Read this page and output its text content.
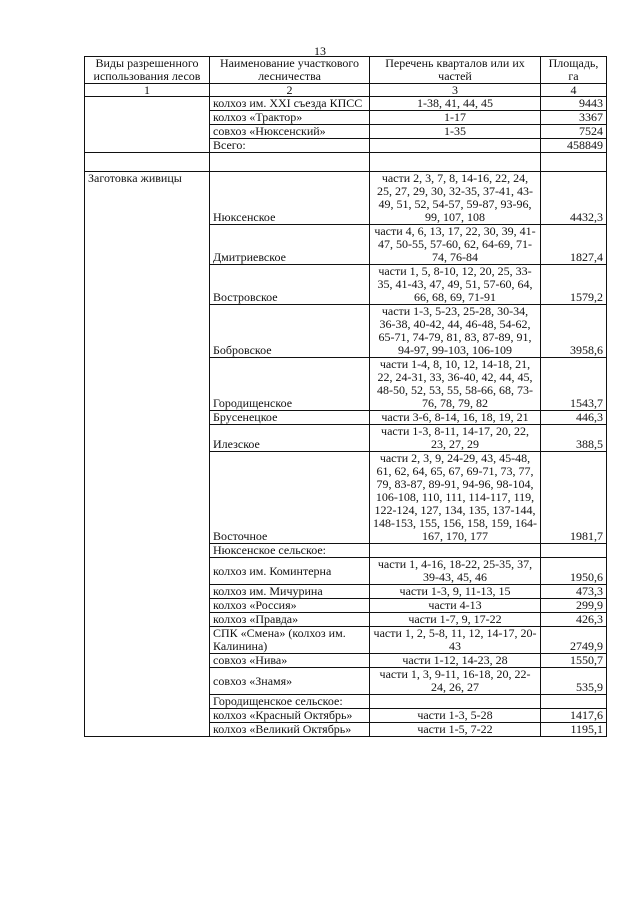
13
Виды разрешенного использования лесов	Наименование участкового лесничества	Перечень кварталов или их частей	Площадь, га
1	2	3	4
	колхоз им. XXI съезда КПСС	1-38, 41, 44, 45	9443
	колхоз «Трактор»	1-17	3367
	совхоз «Нюксенский»	1-35	7524
	Всего:		458849

Заготовка живицы	Нюксенское	части 2, 3, 7, 8, 14-16, 22, 24, 25, 27, 29, 30, 32-35, 37-41, 43-49, 51, 52, 54-57, 59-87, 93-96, 99, 107, 108	4432,3
	Дмитриевское	части 4, 6, 13, 17, 22, 30, 39, 41-47, 50-55, 57-60, 62, 64-69, 71-74, 76-84	1827,4
	Востровское	части 1, 5, 8-10, 12, 20, 25, 33-35, 41-43, 47, 49, 51, 57-60, 64, 66, 68, 69, 71-91	1579,2
	Бобровское	части 1-3, 5-23, 25-28, 30-34, 36-38, 40-42, 44, 46-48, 54-62, 65-71, 74-79, 81, 83, 87-89, 91, 94-97, 99-103, 106-109	3958,6
	Городищенское	части 1-4, 8, 10, 12, 14-18, 21, 22, 24-31, 33, 36-40, 42, 44, 45, 48-50, 52, 53, 55, 58-66, 68, 73-76, 78, 79, 82	1543,7
	Брусенецкое	части 3-6, 8-14, 16, 18, 19, 21	446,3
	Илезское	части 1-3, 8-11, 14-17, 20, 22, 23, 27, 29	388,5
	Восточное	части 2, 3, 9, 24-29, 43, 45-48, 61, 62, 64, 65, 67, 69-71, 73, 77, 79, 83-87, 89-91, 94-96, 98-104, 106-108, 110, 111, 114-117, 119, 122-124, 127, 134, 135, 137-144, 148-153, 155, 156, 158, 159, 164-167, 170, 177	1981,7
	Нюксенское сельское:		
	колхоз им. Коминтерна	части 1, 4-16, 18-22, 25-35, 37, 39-43, 45, 46	1950,6
	колхоз им. Мичурина	части 1-3, 9, 11-13, 15	473,3
	колхоз «Россия»	части 4-13	299,9
	колхоз «Правда»	части 1-7, 9, 17-22	426,3
	СПК «Смена» (колхоз им. Калинина)	части 1, 2, 5-8, 11, 12, 14-17, 20-43	2749,9
	совхоз «Нива»	части 1-12, 14-23, 28	1550,7
	совхоз «Знамя»	части 1, 3, 9-11, 16-18, 20, 22-24, 26, 27	535,9
	Городищенское сельское:		
	колхоз «Красный Октябрь»	части 1-3, 5-28	1417,6
	колхоз «Великий Октябрь»	части 1-5, 7-22	1195,1
